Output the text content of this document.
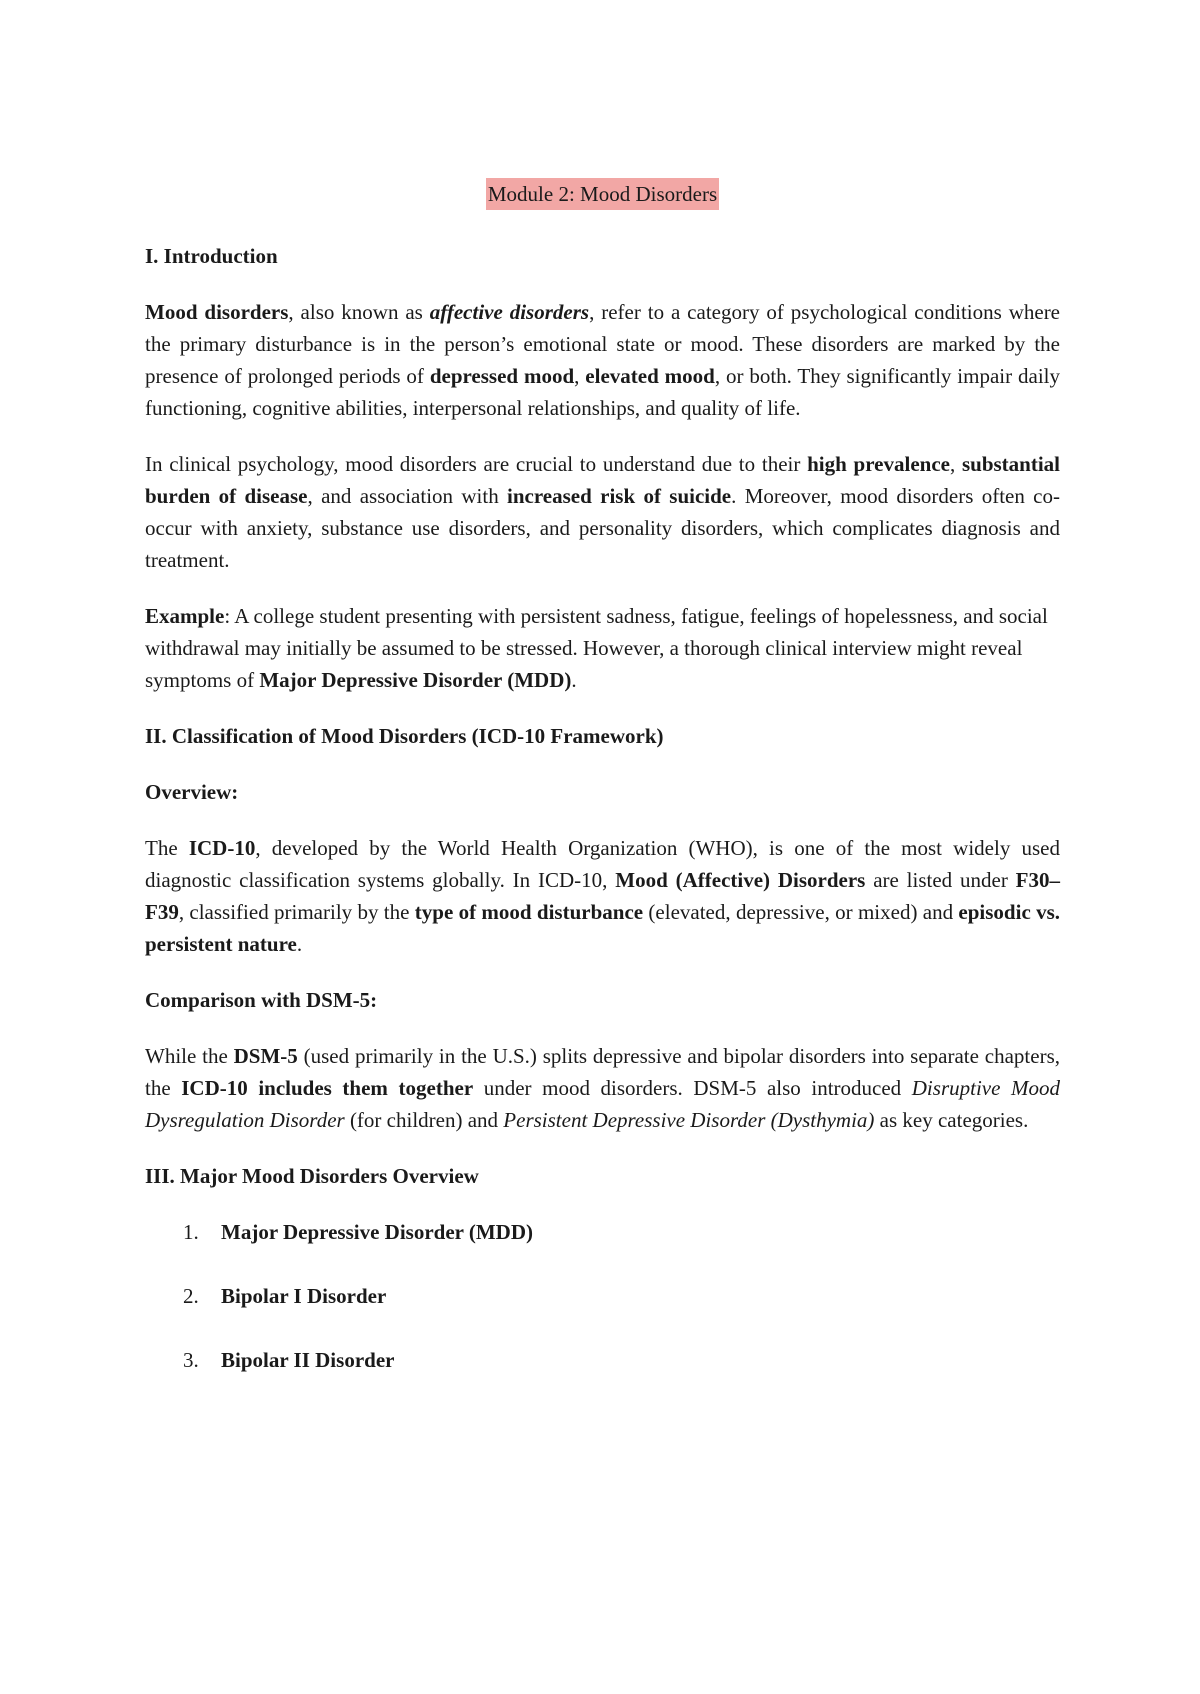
Module 2: Mood Disorders
I. Introduction

Mood disorders, also known as affective disorders, refer to a category of psychological conditions where the primary disturbance is in the person’s emotional state or mood. These disorders are marked by the presence of prolonged periods of depressed mood, elevated mood, or both. They significantly impair daily functioning, cognitive abilities, interpersonal relationships, and quality of life.

In clinical psychology, mood disorders are crucial to understand due to their high prevalence, substantial burden of disease, and association with increased risk of suicide. Moreover, mood disorders often co-occur with anxiety, substance use disorders, and personality disorders, which complicates diagnosis and treatment.

Example: A college student presenting with persistent sadness, fatigue, feelings of hopelessness, and social withdrawal may initially be assumed to be stressed. However, a thorough clinical interview might reveal symptoms of Major Depressive Disorder (MDD).

II. Classification of Mood Disorders (ICD-10 Framework)
Overview:

The ICD-10, developed by the World Health Organization (WHO), is one of the most widely used diagnostic classification systems globally. In ICD-10, Mood (Affective) Disorders are listed under F30–F39, classified primarily by the type of mood disturbance (elevated, depressive, or mixed) and episodic vs. persistent nature.

Comparison with DSM-5:

While the DSM-5 (used primarily in the U.S.) splits depressive and bipolar disorders into separate chapters, the ICD-10 includes them together under mood disorders. DSM-5 also introduced Disruptive Mood Dysregulation Disorder (for children) and Persistent Depressive Disorder (Dysthymia) as key categories.

III. Major Mood Disorders Overview
1.	Major Depressive Disorder (MDD)
2.	Bipolar I Disorder
3.	Bipolar II Disorder
